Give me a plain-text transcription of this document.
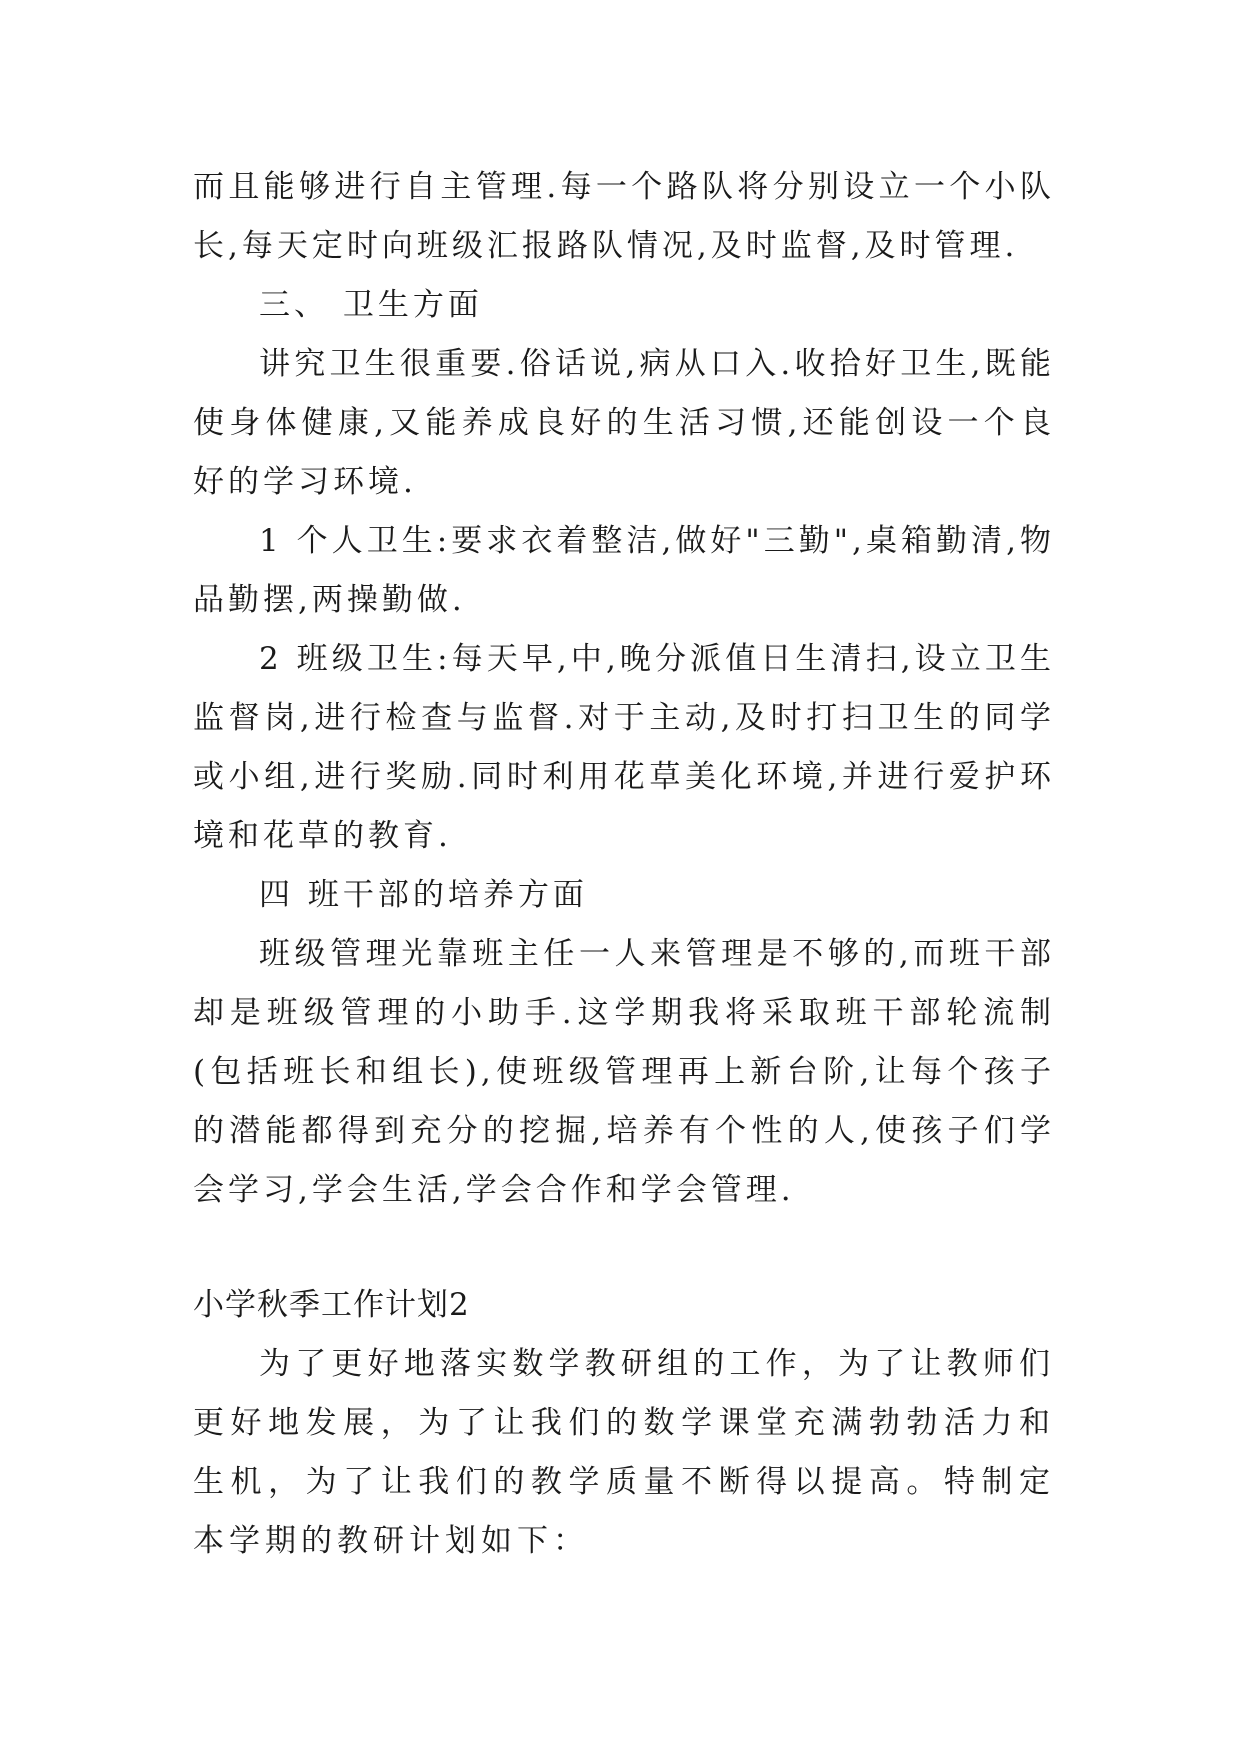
而且能够进行自主管理.每一个路队将分别设立一个小队长,每天定时向班级汇报路队情况,及时监督,及时管理.

三、 卫生方面

讲究卫生很重要.俗话说,病从口入.收拾好卫生,既能使身体健康,又能养成良好的生活习惯,还能创设一个良好的学习环境.

1 个人卫生:要求衣着整洁,做好"三勤",桌箱勤清,物品勤摆,两操勤做.

2 班级卫生:每天早,中,晚分派值日生清扫,设立卫生监督岗,进行检查与监督.对于主动,及时打扫卫生的同学或小组,进行奖励.同时利用花草美化环境,并进行爱护环境和花草的教育.

四 班干部的培养方面

班级管理光靠班主任一人来管理是不够的,而班干部却是班级管理的小助手.这学期我将采取班干部轮流制(包括班长和组长),使班级管理再上新台阶,让每个孩子的潜能都得到充分的挖掘,培养有个性的人,使孩子们学会学习,学会生活,学会合作和学会管理.

小学秋季工作计划2

为了更好地落实数学教研组的工作，为了让教师们更好地发展，为了让我们的数学课堂充满勃勃活力和生机，为了让我们的教学质量不断得以提高。特制定本学期的教研计划如下：
